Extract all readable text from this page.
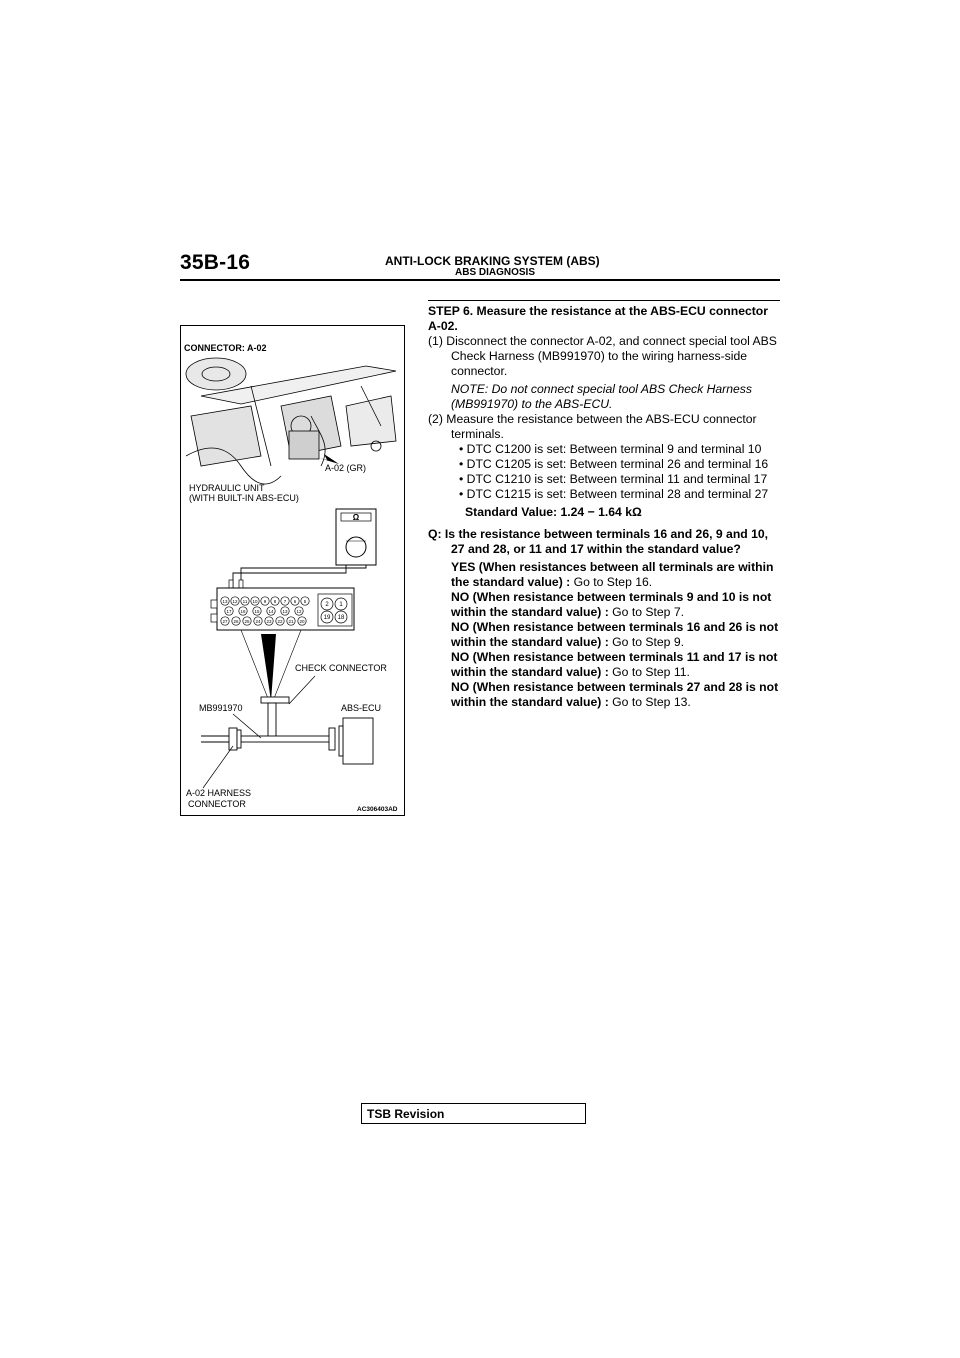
35B-16	ANTI-LOCK BRAKING SYSTEM (ABS)
ABS DIAGNOSIS
CONNECTOR: A-02
A-02 (GR)
HYDRAULIC UNIT
(WITH BUILT-IN ABS-ECU)
Ω
13 12 11 10 9 8 7 6 5
17 16 15 14 13 12
27 26 25 24 23 22 21 20
2 1
19 18
CHECK CONNECTOR
MB991970	ABS-ECU
A-02 HARNESS
CONNECTOR
AC306403AD

STEP 6. Measure the resistance at the ABS-ECU connector A-02.

(1) Disconnect the connector A-02, and connect special tool ABS Check Harness (MB991970) to the wiring harness-side connector.

NOTE: Do not connect special tool ABS Check Harness (MB991970) to the ABS-ECU.

(2) Measure the resistance between the ABS-ECU connector terminals.

• DTC C1200 is set: Between terminal 9 and terminal 10

• DTC C1205 is set: Between terminal 26 and terminal 16

• DTC C1210 is set: Between terminal 11 and terminal 17

• DTC C1215 is set: Between terminal 28 and terminal 27

Standard Value: 1.24 − 1.64 kΩ

Q: Is the resistance between terminals 16 and 26, 9 and 10, 27 and 28, or 11 and 17 within the standard value?

YES (When resistances between all terminals are within the standard value) : Go to Step 16.

NO (When resistance between terminals 9 and 10 is not within the standard value) : Go to Step 7.

NO (When resistance between terminals 16 and 26 is not within the standard value) : Go to Step 9.

NO (When resistance between terminals 11 and 17 is not within the standard value) : Go to Step 11.

NO (When resistance between terminals 27 and 28 is not within the standard value) : Go to Step 13.

TSB Revision
